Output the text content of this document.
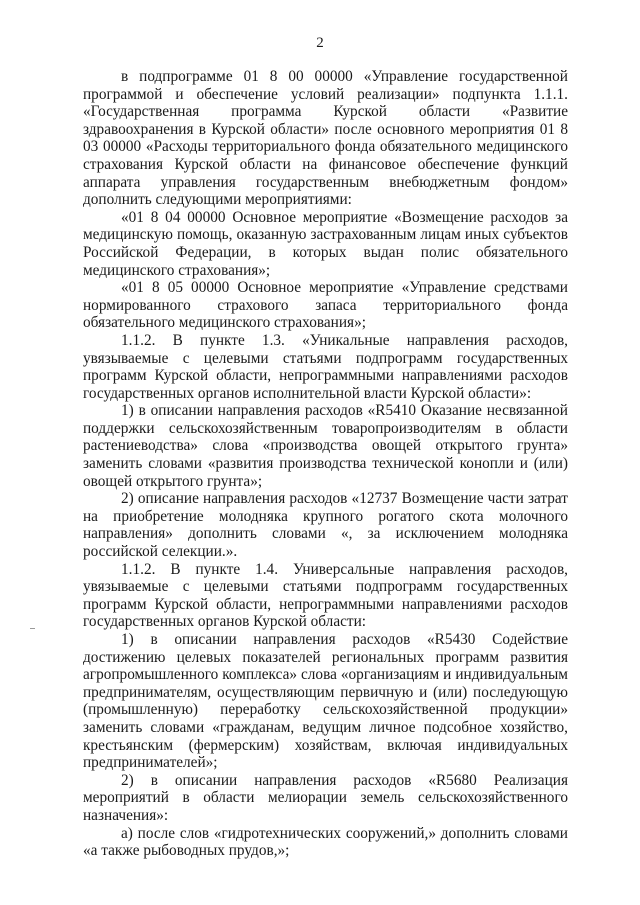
2

в подпрограмме 01 8 00 00000 «Управление государственной программой и обеспечение условий реализации» подпункта 1.1.1. «Государственная программа Курской области «Развитие здравоохранения в Курской области» после основного мероприятия 01 8 03 00000 «Расходы территориального фонда обязательного медицинского страхования Курской области на финансовое обеспечение функций аппарата управления государственным внебюджетным фондом» дополнить следующими мероприятиями:

«01 8 04 00000 Основное мероприятие «Возмещение расходов за медицинскую помощь, оказанную застрахованным лицам иных субъектов Российской Федерации, в которых выдан полис обязательного медицинского страхования»;

«01 8 05 00000 Основное мероприятие «Управление средствами нормированного страхового запаса территориального фонда обязательного медицинского страхования»;

1.1.2. В пункте 1.3. «Уникальные направления расходов, увязываемые с целевыми статьями подпрограмм государственных программ Курской области, непрограммными направлениями расходов государственных органов исполнительной власти Курской области»:

1) в описании направления расходов «R5410 Оказание несвязанной поддержки сельскохозяйственным товаропроизводителям в области растениеводства» слова «производства овощей открытого грунта» заменить словами «развития производства технической конопли и (или) овощей открытого грунта»;

2) описание направления расходов «12737 Возмещение части затрат на приобретение молодняка крупного рогатого скота молочного направления» дополнить словами «, за исключением молодняка российской селекции.».

1.1.2. В пункте 1.4. Универсальные направления расходов, увязываемые с целевыми статьями подпрограмм государственных программ Курской области, непрограммными направлениями расходов государственных органов Курской области:

1) в описании направления расходов «R5430 Содействие достижению целевых показателей региональных программ развития агропромышленного комплекса» слова «организациям и индивидуальным предпринимателям, осуществляющим первичную и (или) последующую (промышленную) переработку сельскохозяйственной продукции» заменить словами «гражданам, ведущим личное подсобное хозяйство, крестьянским (фермерским) хозяйствам, включая индивидуальных предпринимателей»;

2) в описании направления расходов «R5680 Реализация мероприятий в области мелиорации земель сельскохозяйственного назначения»:

а) после слов «гидротехнических сооружений,» дополнить словами «а также рыбоводных прудов,»;
